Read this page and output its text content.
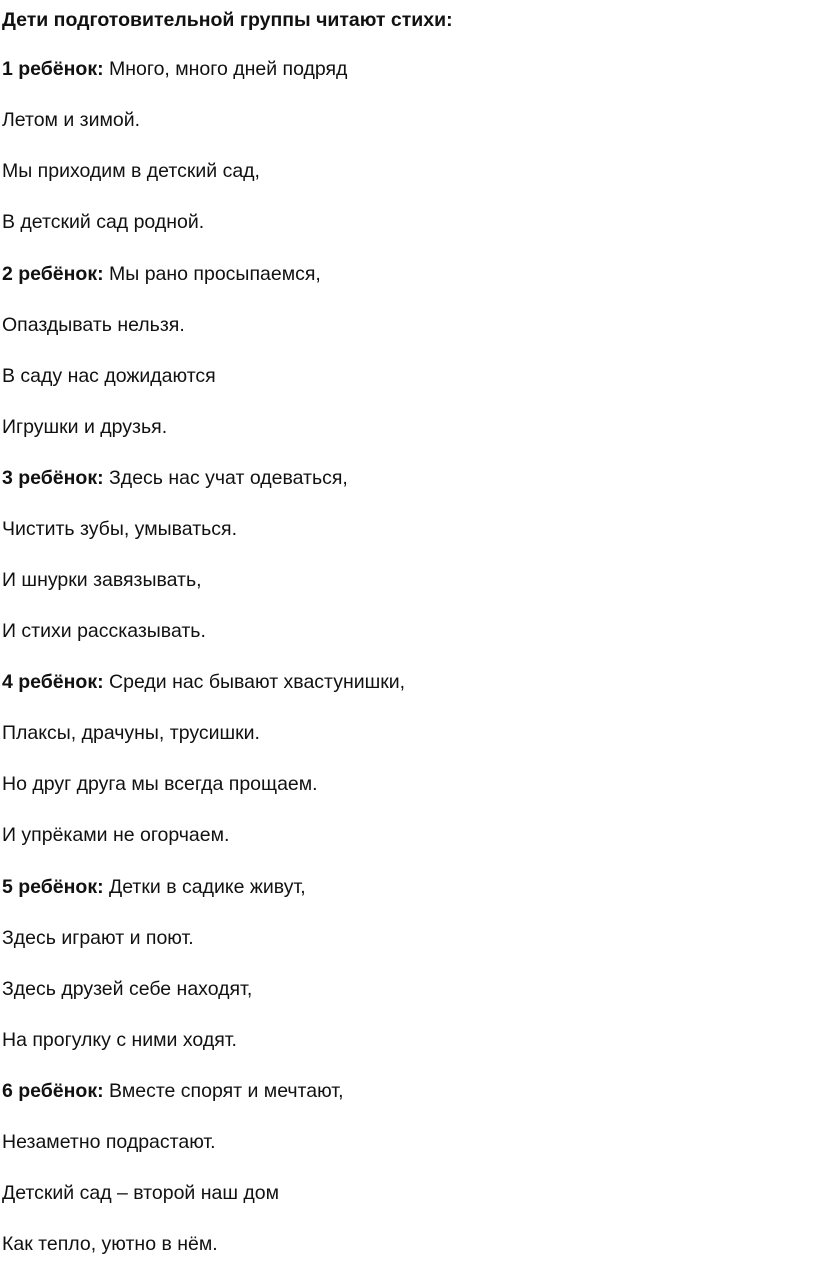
Дети подготовительной группы читают стихи:
1 ребёнок: Много, много дней подряд
Летом и зимой.
Мы приходим в детский сад,
В детский сад родной.
2 ребёнок: Мы рано просыпаемся,
Опаздывать нельзя.
В саду нас дожидаются
Игрушки и друзья.
3 ребёнок: Здесь нас учат одеваться,
Чистить зубы, умываться.
И шнурки завязывать,
И стихи рассказывать.
4 ребёнок: Среди нас бывают хвастунишки,
Плаксы, драчуны, трусишки.
Но друг друга мы всегда прощаем.
И упрёками не огорчаем.
5 ребёнок: Детки в садике живут,
Здесь играют и поют.
Здесь друзей себе находят,
На прогулку с ними ходят.
6 ребёнок: Вместе спорят и мечтают,
Незаметно подрастают.
Детский сад – второй наш дом
Как тепло, уютно в нём.
